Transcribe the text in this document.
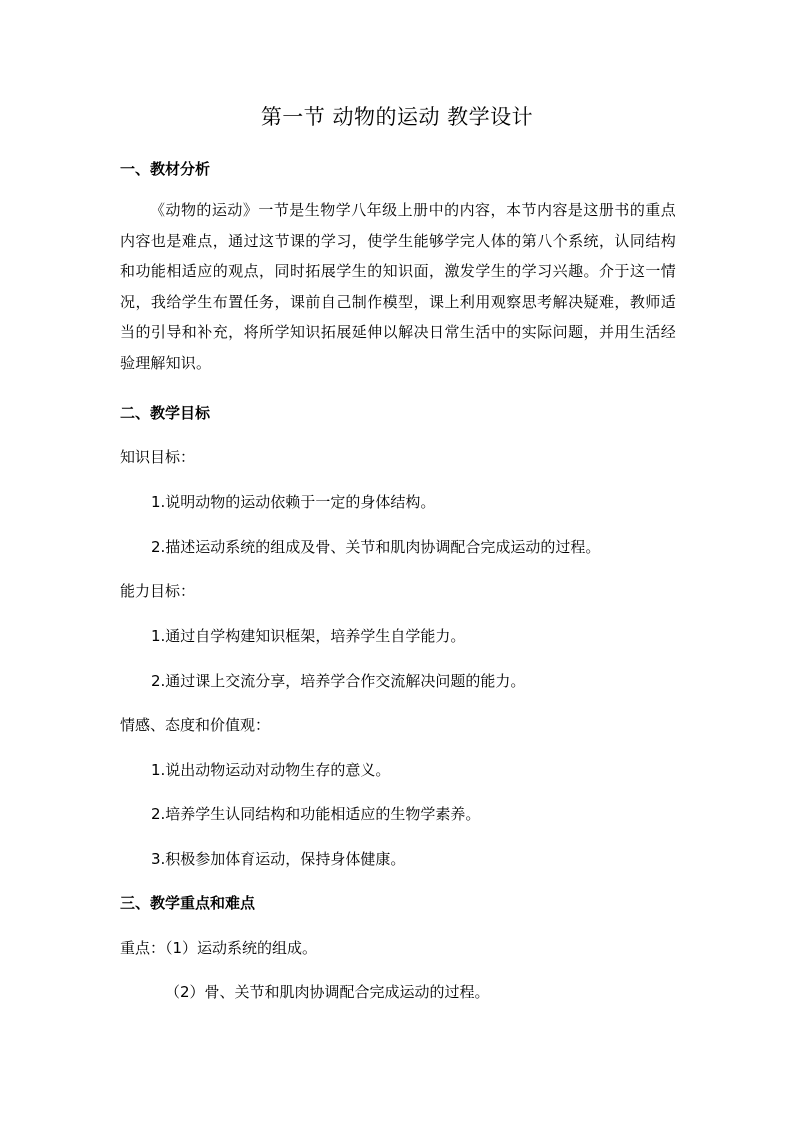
第一节 动物的运动 教学设计
一、教材分析
《动物的运动》一节是生物学八年级上册中的内容，本节内容是这册书的重点内容也是难点，通过这节课的学习，使学生能够学完人体的第八个系统，认同结构和功能相适应的观点，同时拓展学生的知识面，激发学生的学习兴趣。介于这一情况，我给学生布置任务，课前自己制作模型，课上利用观察思考解决疑难，教师适当的引导和补充，将所学知识拓展延伸以解决日常生活中的实际问题，并用生活经验理解知识。
二、教学目标
知识目标：
1.说明动物的运动依赖于一定的身体结构。
2.描述运动系统的组成及骨、关节和肌肉协调配合完成运动的过程。
能力目标：
1.通过自学构建知识框架，培养学生自学能力。
2.通过课上交流分享，培养学合作交流解决问题的能力。
情感、态度和价值观：
1.说出动物运动对动物生存的意义。
2.培养学生认同结构和功能相适应的生物学素养。
3.积极参加体育运动，保持身体健康。
三、教学重点和难点
重点：（1）运动系统的组成。
（2）骨、关节和肌肉协调配合完成运动的过程。
